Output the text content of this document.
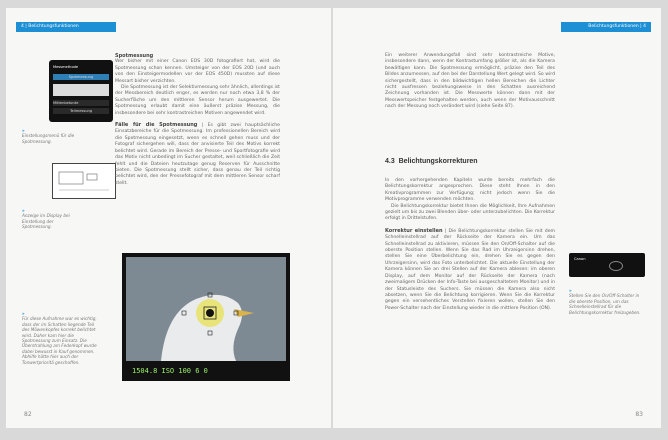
4 | Belichtungsfunktionen
Messmethode
Spotmessung
Mittenbetonte
Teilmessung
»
Einstellungsmenü für die Spotmessung.
»
Anzeige im Display bei Einstellung der Spotmessung.
Spotmessung
Wer bisher mit einer Canon EOS 30D fotografiert hat, wird die Spotmessung schon kennen. Umsteiger von der EOS 20D (und auch von den Einsteigermodellen vor der EOS 450D) mussten auf diese Messart bisher verzichten.
Die Spotmessung ist der Selektivmessung sehr ähnlich, allerdings ist der Messbereich deutlich enger, es werden nur noch etwa 3,8 % der Sucherfläche um den mittleren Sensor herum ausgewertet. Die Spotmessung erlaubt damit eine äußerst präzise Messung, die insbesondere bei sehr kontrastreichen Motiven angewendet wird.
Fälle für die Spotmessung | Es gibt zwei hauptsächliche Einsatzbereiche für die Spotmessung. Im professionellen Bereich wird die Spotmessung eingesetzt, wenn es schnell gehen muss und der Fotograf sichergehen will, dass der anvisierte Teil des Motivs korrekt belichtet wird. Gerade im Bereich der Presse- und Sportfotografie wird das Motiv nicht unbedingt im Sucher gestaltet, weil schließlich die Zeit fehlt und die Dateien heutzutage genug Reserven für Ausschnitte bieten. Die Spotmessung stellt sicher, dass genau der Teil richtig belichtet wird, den der Pressefotograf mit dem mittleren Sensor scharf stellt.
»
Für diese Aufnahme war es wichtig, dass der im Schatten liegende Teil des Möwenkopfes korrekt belichtet wird. Daher kam hier die Spotmessung zum Einsatz. Die Überstrahlung am Federkopf wurde dabei bewusst in Kauf genommen. Abhilfe hätte hier auch der Tonwertprioritä geschaffen.
1504.8 ISO 100 6 0
82
Belichtungsfunktionen | 4
Ein weiterer Anwendungsfall sind sehr kontrastreiche Motive, insbesondere dann, wenn der Kontrastumfang größer ist, als die Kamera bewältigen kann. Die Spotmessung ermöglicht, präzise den Teil des Bildes anzumessen, auf den bei der Darstellung Wert gelegt wird. So wird sichergestellt, dass in den bildwichtigen hellen Bereichen die Lichter nicht ausfressen beziehungsweise in den Schatten ausreichend Zeichnung vorhanden ist. Die Messwerte können dann mit der Messwertspeicher festgehalten werden, auch wenn der Motivausschnitt nach der Messung noch verändert wird (siehe Seite 87).
4.3 Belichtungskorrekturen
In den vorhergehenden Kapiteln wurde bereits mehrfach die Belichtungskorrektur angesprochen. Diese steht Ihnen in den Kreativprogrammen zur Verfügung; nicht jedoch wenn Sie die Motivprogramme verwenden möchten.
Die Belichtungskorrektur bietet Ihnen die Möglichkeit, Ihre Aufnahmen gezielt um bis zu zwei Blenden über- oder unterzubelichten. Die Korrektur erfolgt in Drittelstufen.
Korrektur einstellen | Die Belichtungskorrektur stellen Sie mit dem Schnelleinstellrad auf der Rückseite der Kamera ein. Um das Schnelleinstellrad zu aktivieren, müssen Sie den On/Off-Schalter auf die oberste Position stellen. Wenn Sie das Rad im Uhrzeigersinn drehen, stellen Sie eine Überbelichtung ein, drehen Sie es gegen den Uhrzeigersinn, wird das Foto unterbelichtet. Die aktuelle Einstellung der Kamera können Sie an drei Stellen auf der Kamera ablesen: im oberen Display, auf dem Monitor auf der Rückseite der Kamera (nach zweimaligem Drücken der Info-Taste bei ausgeschaltetem Monitor) und in der Statusleiste des Suchers. Sie müssen die Kamera also nicht absetzen, wenn Sie die Belichtung korrigieren. Wenn Sie die Korrektur gegen ein versehentliches Verstellen fixieren wollen, stellen Sie den Power-Schalter nach der Einstellung wieder in die mittlere Position (ON).
Canon
»
Stellen Sie den On/Off-Schalter in die oberste Position, um das Schnelleinstellrad für die Belichtungskorrektur freizugeben.
83
